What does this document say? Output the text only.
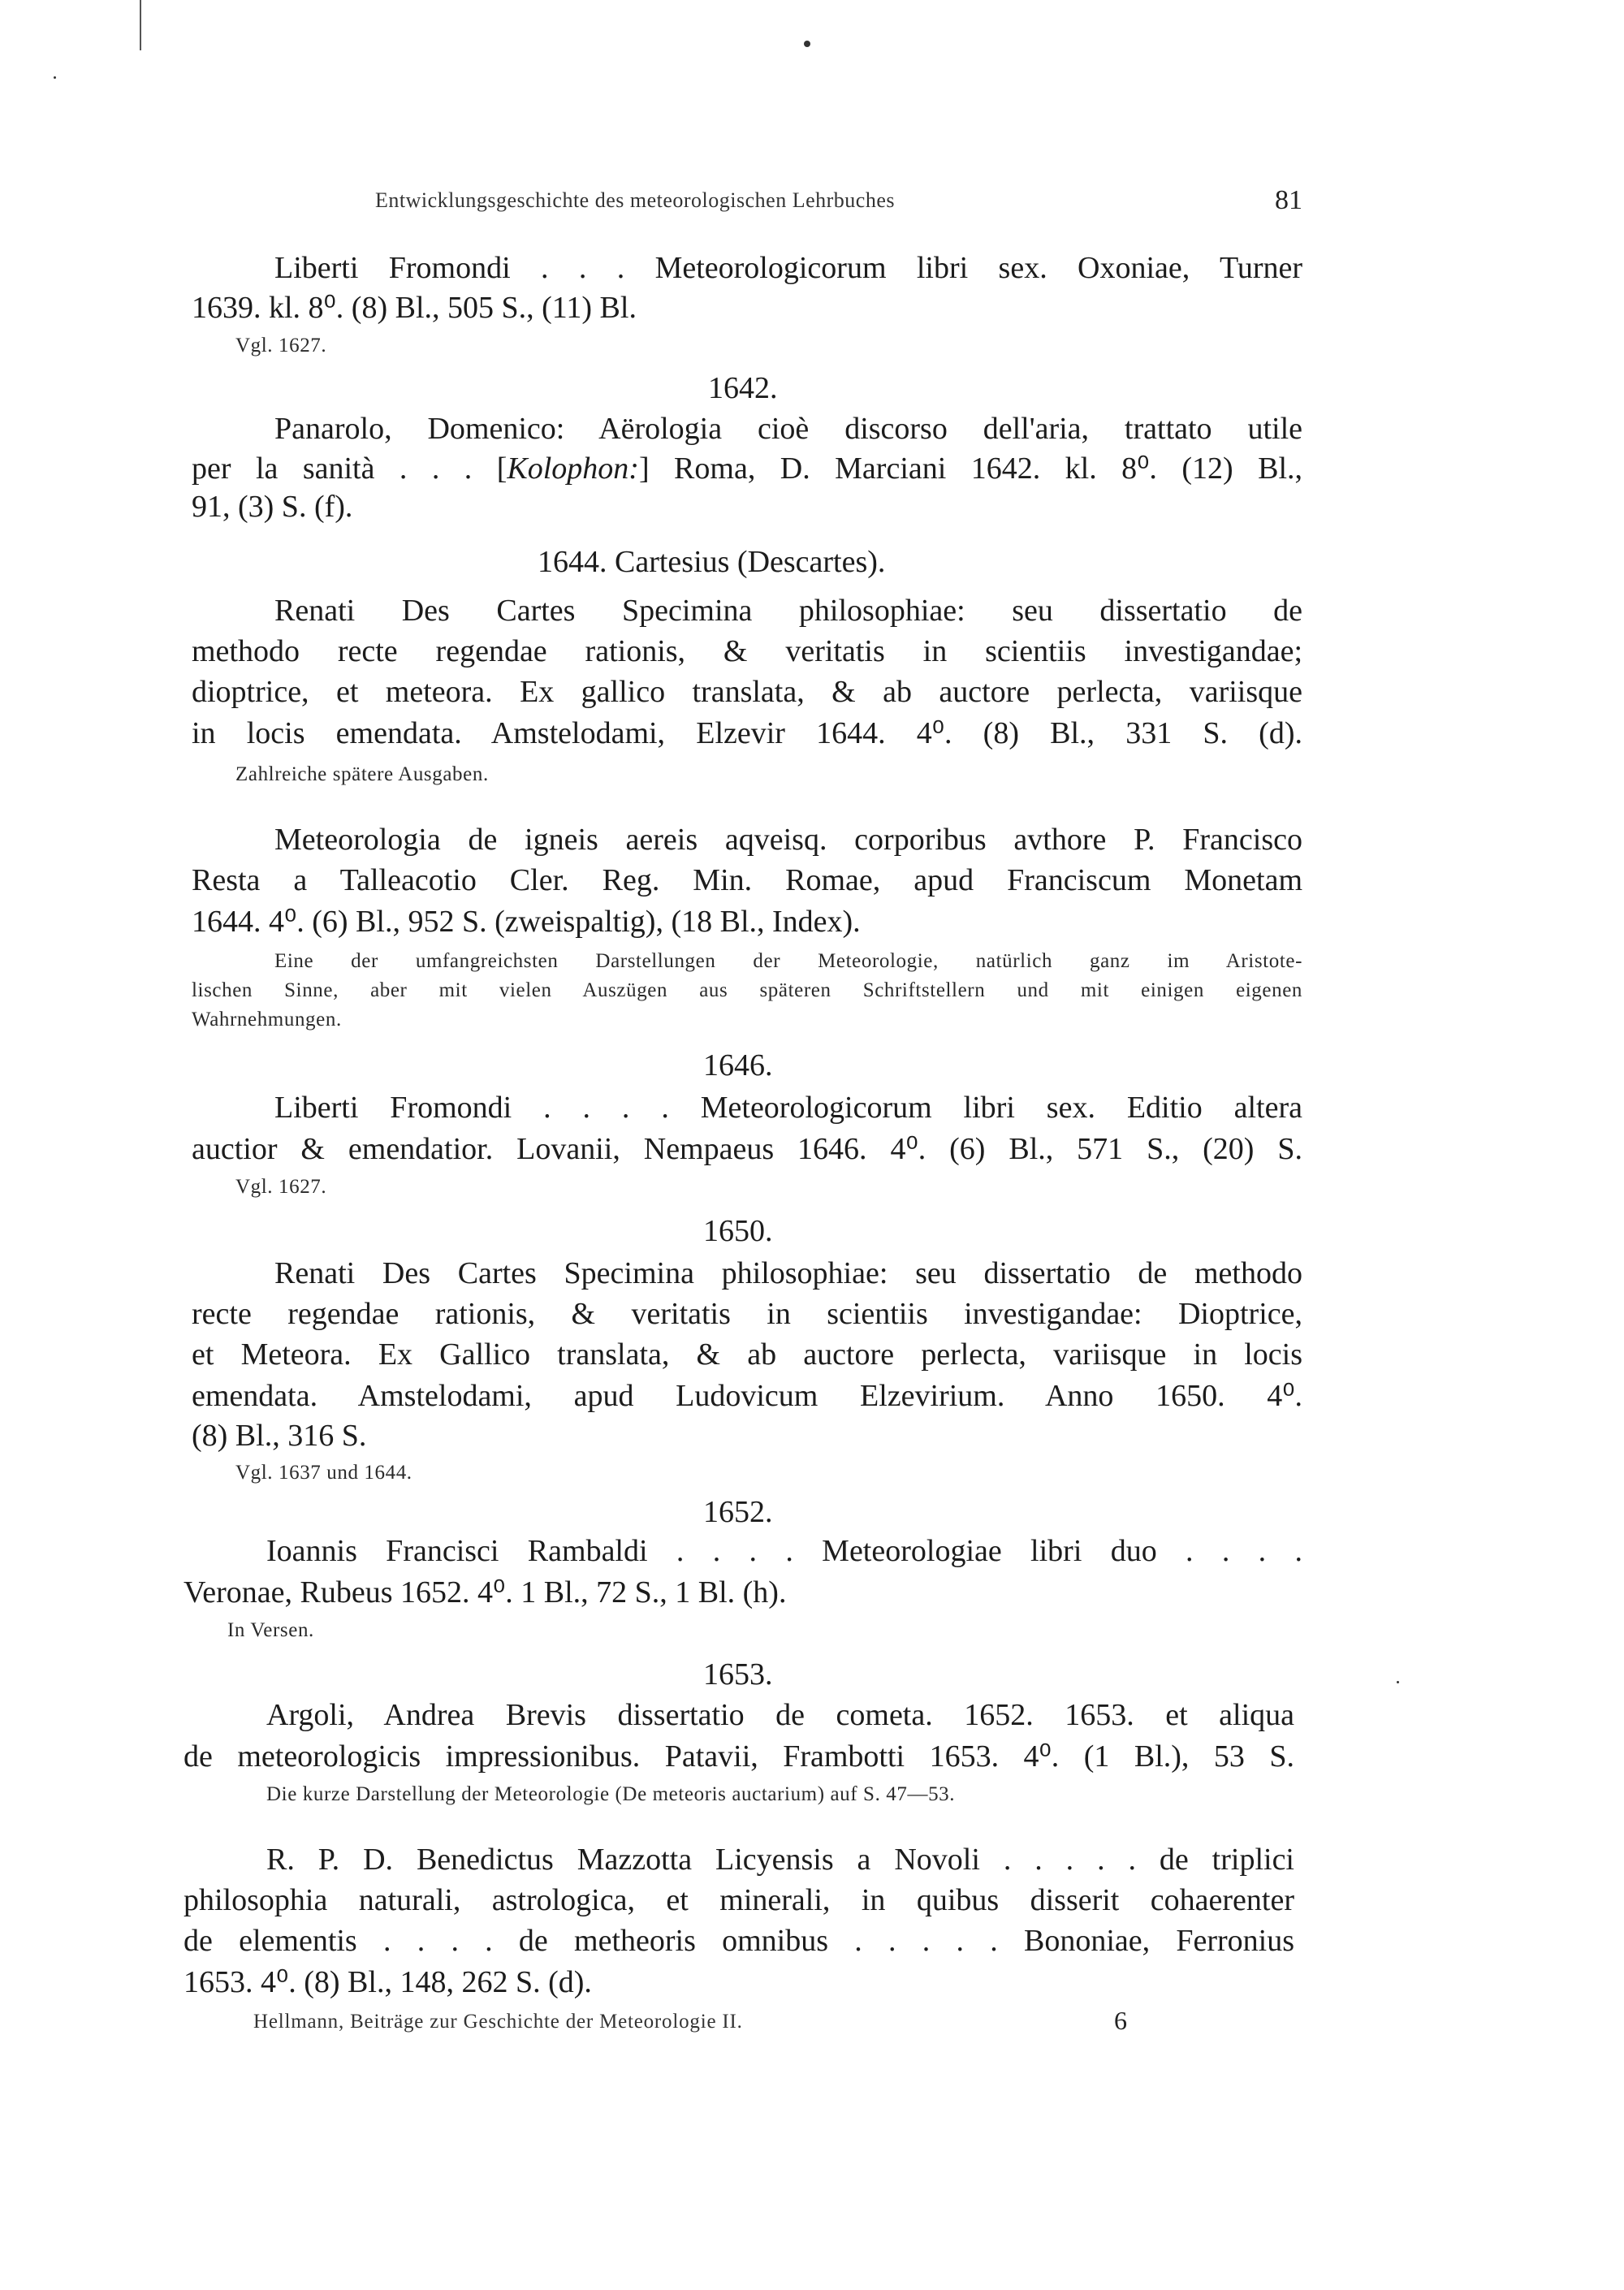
Entwicklungsgeschichte des meteorologischen Lehrbuches	81
Liberti Fromondi . . . Meteorologicorum libri sex. Oxoniae, Turner
1639. kl. 8⁰. (8) Bl., 505 S., (11) Bl.
Vgl. 1627.
1642.
Panarolo, Domenico: Aërologia cioè discorso dell'aria, trattato utile
per la sanità . . . [Kolophon:] Roma, D. Marciani 1642. kl. 8⁰. (12) Bl.,
91, (3) S. (f).
1644. Cartesius (Descartes).
Renati Des Cartes Specimina philosophiae: seu dissertatio de
methodo recte regendae rationis, & veritatis in scientiis investigandae;
dioptrice, et meteora. Ex gallico translata, & ab auctore perlecta, variisque
in locis emendata. Amstelodami, Elzevir 1644. 4⁰. (8) Bl., 331 S. (d).
Zahlreiche spätere Ausgaben.
Meteorologia de igneis aereis aqveisq. corporibus avthore P. Francisco
Resta a Talleacotio Cler. Reg. Min. Romae, apud Franciscum Monetam
1644. 4⁰. (6) Bl., 952 S. (zweispaltig), (18 Bl., Index).
Eine der umfangreichsten Darstellungen der Meteorologie, natürlich ganz im Aristote-
lischen Sinne, aber mit vielen Auszügen aus späteren Schriftstellern und mit einigen eigenen
Wahrnehmungen.
1646.
Liberti Fromondi . . . . Meteorologicorum libri sex. Editio altera
auctior & emendatior. Lovanii, Nempaeus 1646. 4⁰. (6) Bl., 571 S., (20) S.
Vgl. 1627.
1650.
Renati Des Cartes Specimina philosophiae: seu dissertatio de methodo
recte regendae rationis, & veritatis in scientiis investigandae: Dioptrice,
et Meteora. Ex Gallico translata, & ab auctore perlecta, variisque in locis
emendata. Amstelodami, apud Ludovicum Elzevirium. Anno 1650. 4⁰.
(8) Bl., 316 S.
Vgl. 1637 und 1644.
1652.
Ioannis Francisci Rambaldi . . . . Meteorologiae libri duo . . . .
Veronae, Rubeus 1652. 4⁰. 1 Bl., 72 S., 1 Bl. (h).
In Versen.
1653.
Argoli, Andrea Brevis dissertatio de cometa. 1652. 1653. et aliqua
de meteorologicis impressionibus. Patavii, Frambotti 1653. 4⁰. (1 Bl.), 53 S.
Die kurze Darstellung der Meteorologie (De meteoris auctarium) auf S. 47—53.
R. P. D. Benedictus Mazzotta Licyensis a Novoli . . . . . de triplici
philosophia naturali, astrologica, et minerali, in quibus disserit cohaerenter
de elementis . . . . de metheoris omnibus . . . . . Bononiae, Ferronius
1653. 4⁰. (8) Bl., 148, 262 S. (d).
Hellmann, Beiträge zur Geschichte der Meteorologie II.	6
